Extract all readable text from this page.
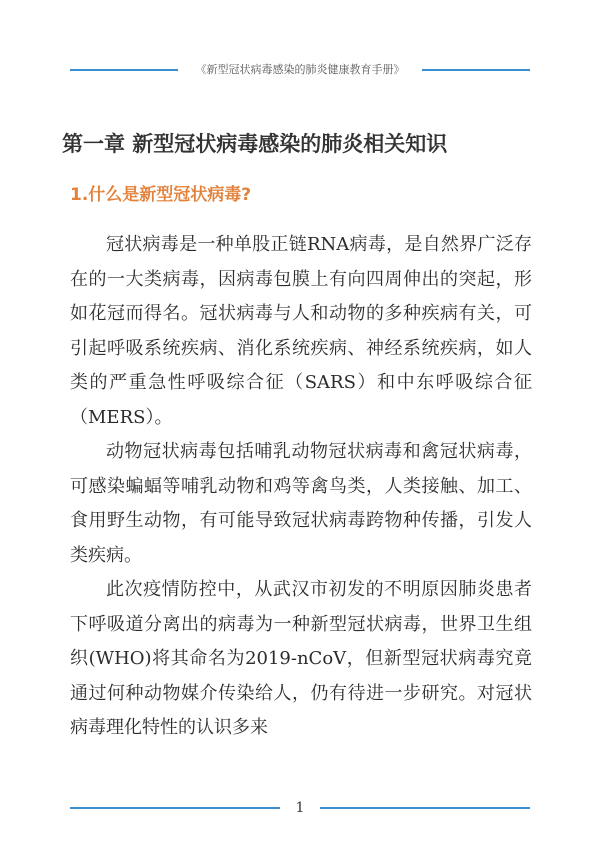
《新型冠状病毒感染的肺炎健康教育手册》
第一章 新型冠状病毒感染的肺炎相关知识
1.什么是新型冠状病毒?

冠状病毒是一种单股正链RNA病毒，是自然界广泛存在的一大类病毒，因病毒包膜上有向四周伸出的突起，形如花冠而得名。冠状病毒与人和动物的多种疾病有关，可引起呼吸系统疾病、消化系统疾病、神经系统疾病，如人类的严重急性呼吸综合征（SARS）和中东呼吸综合征（MERS）。

动物冠状病毒包括哺乳动物冠状病毒和禽冠状病毒，可感染蝙蝠等哺乳动物和鸡等禽鸟类，人类接触、加工、食用野生动物，有可能导致冠状病毒跨物种传播，引发人类疾病。

此次疫情防控中，从武汉市初发的不明原因肺炎患者下呼吸道分离出的病毒为一种新型冠状病毒，世界卫生组织(WHO)将其命名为2019-nCoV，但新型冠状病毒究竟通过何种动物媒介传染给人，仍有待进一步研究。对冠状病毒理化特性的认识多来

1
